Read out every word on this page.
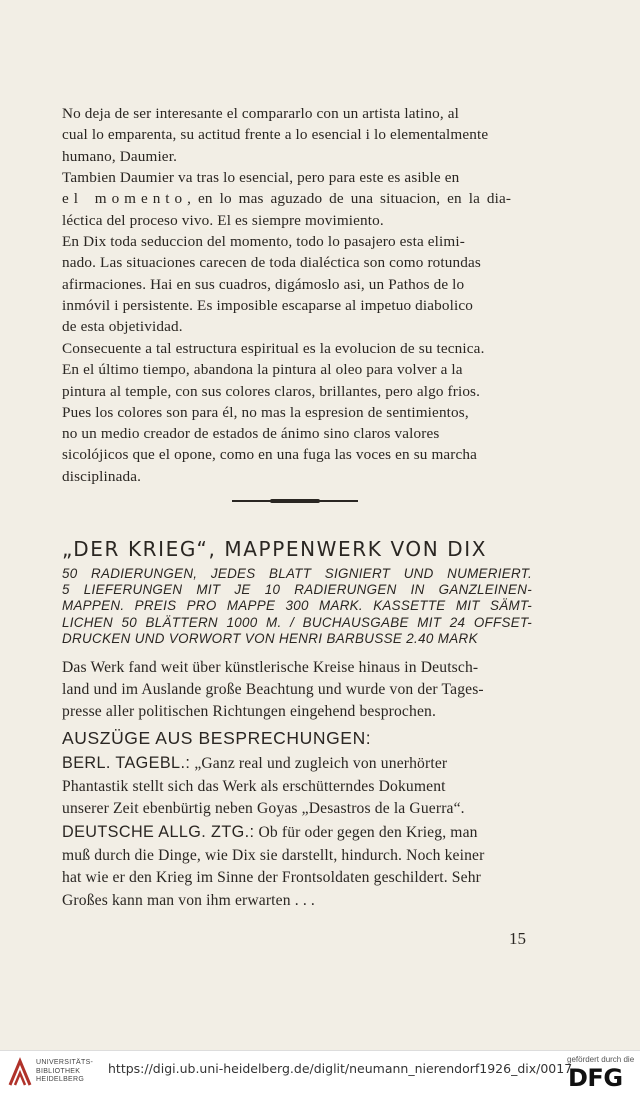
No deja de ser interesante el compararlo con un artista latino, al
cual lo emparenta, su actitud frente a lo esencial i lo elementalmente
humano, Daumier.

Tambien Daumier va tras lo esencial, pero para este es asible en
el momento, en lo mas aguzado de una situacion, en la dia-
léctica del proceso vivo. El es siempre movimiento.

En Dix toda seduccion del momento, todo lo pasajero esta elimi-
nado. Las situaciones carecen de toda dialéctica son como rotundas
afirmaciones. Hai en sus cuadros, digámoslo asi, un Pathos de lo
inmóvil i persistente. Es imposible escaparse al impetuo diabolico
de esta objetividad.

Consecuente a tal estructura espiritual es la evolucion de su tecnica.
En el último tiempo, abandona la pintura al oleo para volver a la
pintura al temple, con sus colores claros, brillantes, pero algo frios.
Pues los colores son para él, no mas la espresion de sentimientos,
no un medio creador de estados de ánimo sino claros valores
sicolójicos que el opone, como en una fuga las voces en su marcha
disciplinada.

„DER KRIEG“, MAPPENWERK VON DIX
50 RADIERUNGEN, JEDES BLATT SIGNIERT UND NUMERIERT.
5 LIEFERUNGEN MIT JE 10 RADIERUNGEN IN GANZLEINEN-
MAPPEN. PREIS PRO MAPPE 300 MARK. KASSETTE MIT SÄMT-
LICHEN 50 BLÄTTERN 1000 M. / BUCHAUSGABE MIT 24 OFFSET-
DRUCKEN UND VORWORT VON HENRI BARBUSSE 2.40 MARK

Das Werk fand weit über künstlerische Kreise hinaus in Deutsch-
land und im Auslande große Beachtung und wurde von der Tages-
presse aller politischen Richtungen eingehend besprochen.

AUSZÜGE AUS BESPRECHUNGEN:

BERL. TAGEBL.: „Ganz real und zugleich von unerhörter
Phantastik stellt sich das Werk als erschütterndes Dokument
unserer Zeit ebenbürtig neben Goyas „Desastros de la Guerra“.

DEUTSCHE ALLG. ZTG.: Ob für oder gegen den Krieg, man
muß durch die Dinge, wie Dix sie darstellt, hindurch. Noch keiner
hat wie er den Krieg im Sinne der Frontsoldaten geschildert. Sehr
Großes kann man von ihm erwarten . . .

15
UNIVERSITÄTS-
BIBLIOTHEK
HEIDELBERG
https://digi.ub.uni-heidelberg.de/diglit/neumann_nierendorf1926_dix/0017
gefördert durch die
DFG
